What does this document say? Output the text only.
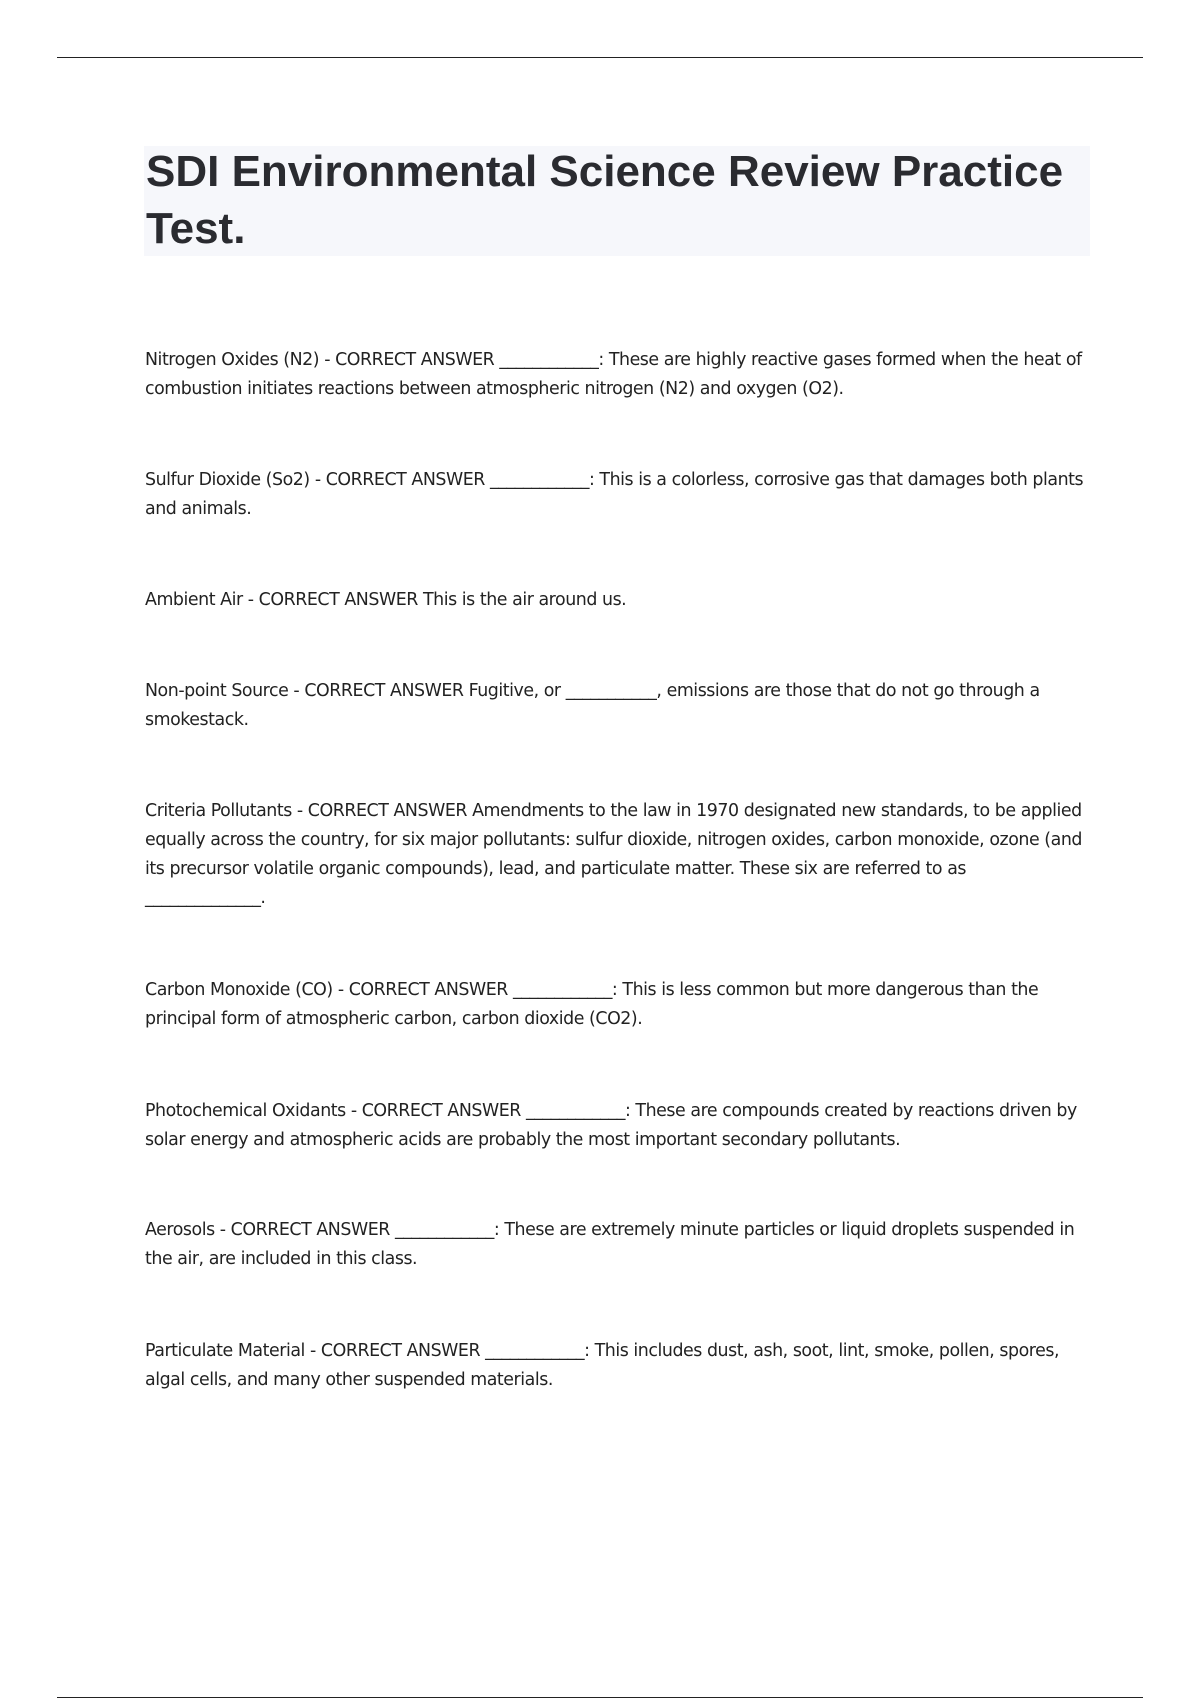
SDI Environmental Science Review Practice Test.

Nitrogen Oxides (N2) - CORRECT ANSWER ____________: These are highly reactive gases formed when the heat of combustion initiates reactions between atmospheric nitrogen (N2) and oxygen (O2).

Sulfur Dioxide (So2) - CORRECT ANSWER ____________: This is a colorless, corrosive gas that damages both plants and animals.

Ambient Air - CORRECT ANSWER This is the air around us.

Non-point Source - CORRECT ANSWER Fugitive, or ___________, emissions are those that do not go through a smokestack.

Criteria Pollutants - CORRECT ANSWER Amendments to the law in 1970 designated new standards, to be applied equally across the country, for six major pollutants: sulfur dioxide, nitrogen oxides, carbon monoxide, ozone (and its precursor volatile organic compounds), lead, and particulate matter. These six are referred to as ______________.

Carbon Monoxide (CO) - CORRECT ANSWER ____________: This is less common but more dangerous than the principal form of atmospheric carbon, carbon dioxide (CO2).

Photochemical Oxidants - CORRECT ANSWER ____________: These are compounds created by reactions driven by solar energy and atmospheric acids are probably the most important secondary pollutants.

Aerosols - CORRECT ANSWER ____________: These are extremely minute particles or liquid droplets suspended in the air, are included in this class.

Particulate Material - CORRECT ANSWER ____________: This includes dust, ash, soot, lint, smoke, pollen, spores, algal cells, and many other suspended materials.
